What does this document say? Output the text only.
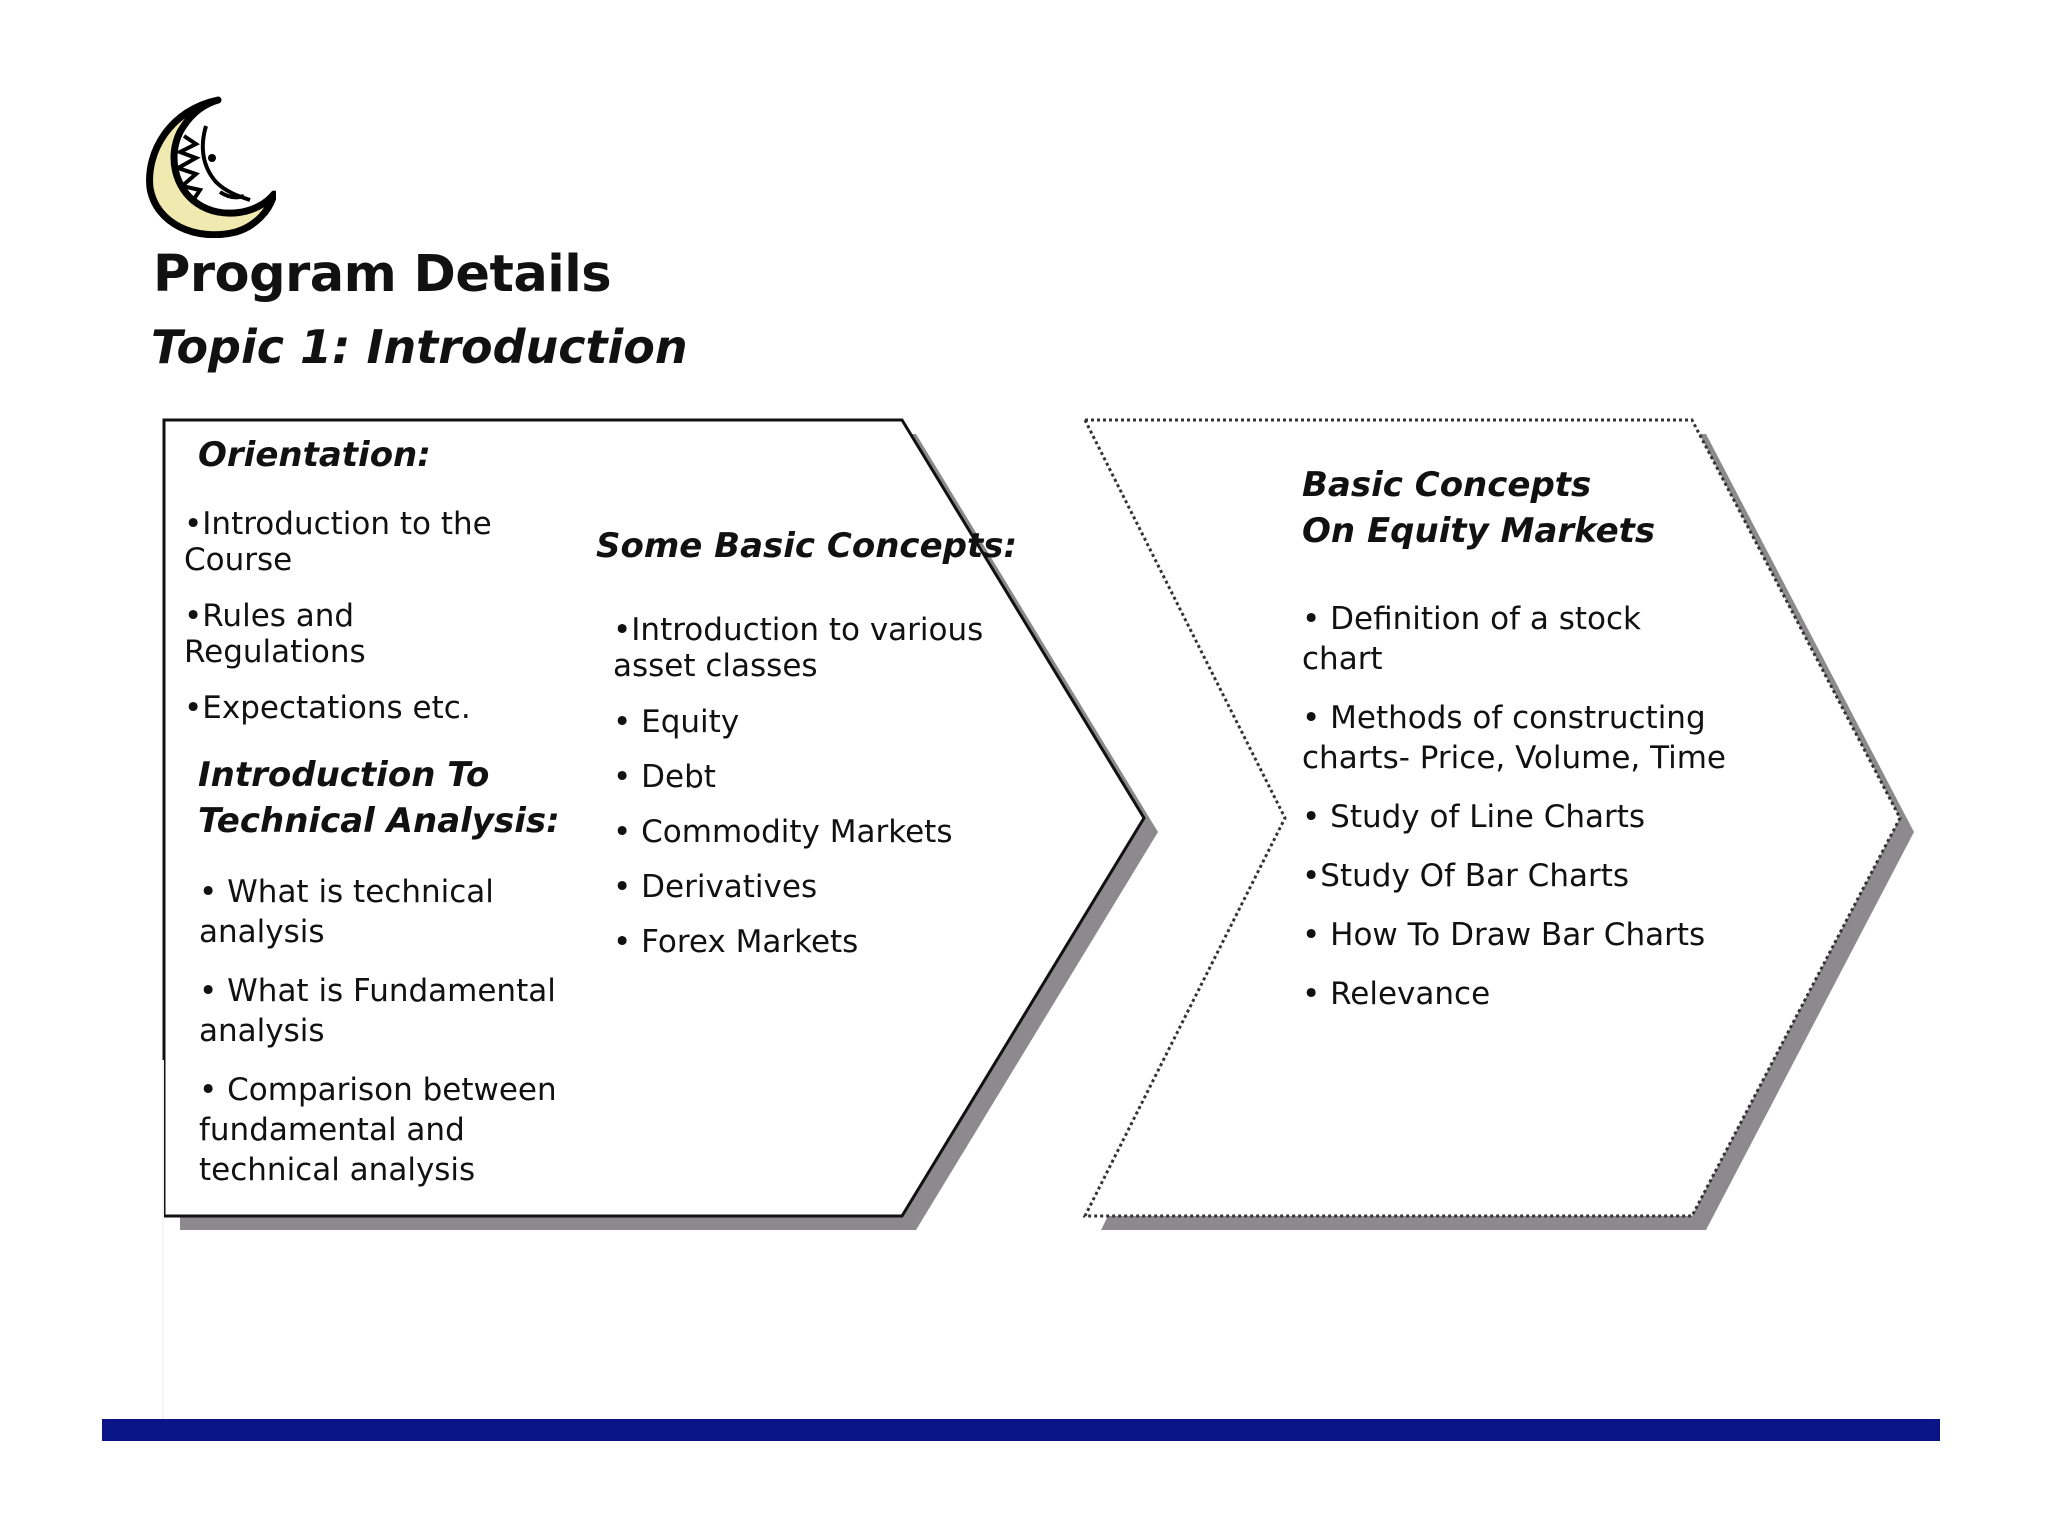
Program Details
Topic 1: Introduction

Orientation:

•Introduction to the

Course

•Rules and

Regulations

•Expectations etc.

Introduction To

Technical Analysis:

• What is technical

analysis

• What is Fundamental

analysis

• Comparison between

fundamental and

technical analysis

Some Basic Concepts:

•Introduction to various

asset classes

• Equity

• Debt

• Commodity Markets

• Derivatives

• Forex Markets

Basic Concepts

On Equity Markets

• Definition of a stock

chart

• Methods of constructing

charts- Price, Volume, Time

• Study of Line Charts

•Study Of Bar Charts

• How To Draw Bar Charts

• Relevance
